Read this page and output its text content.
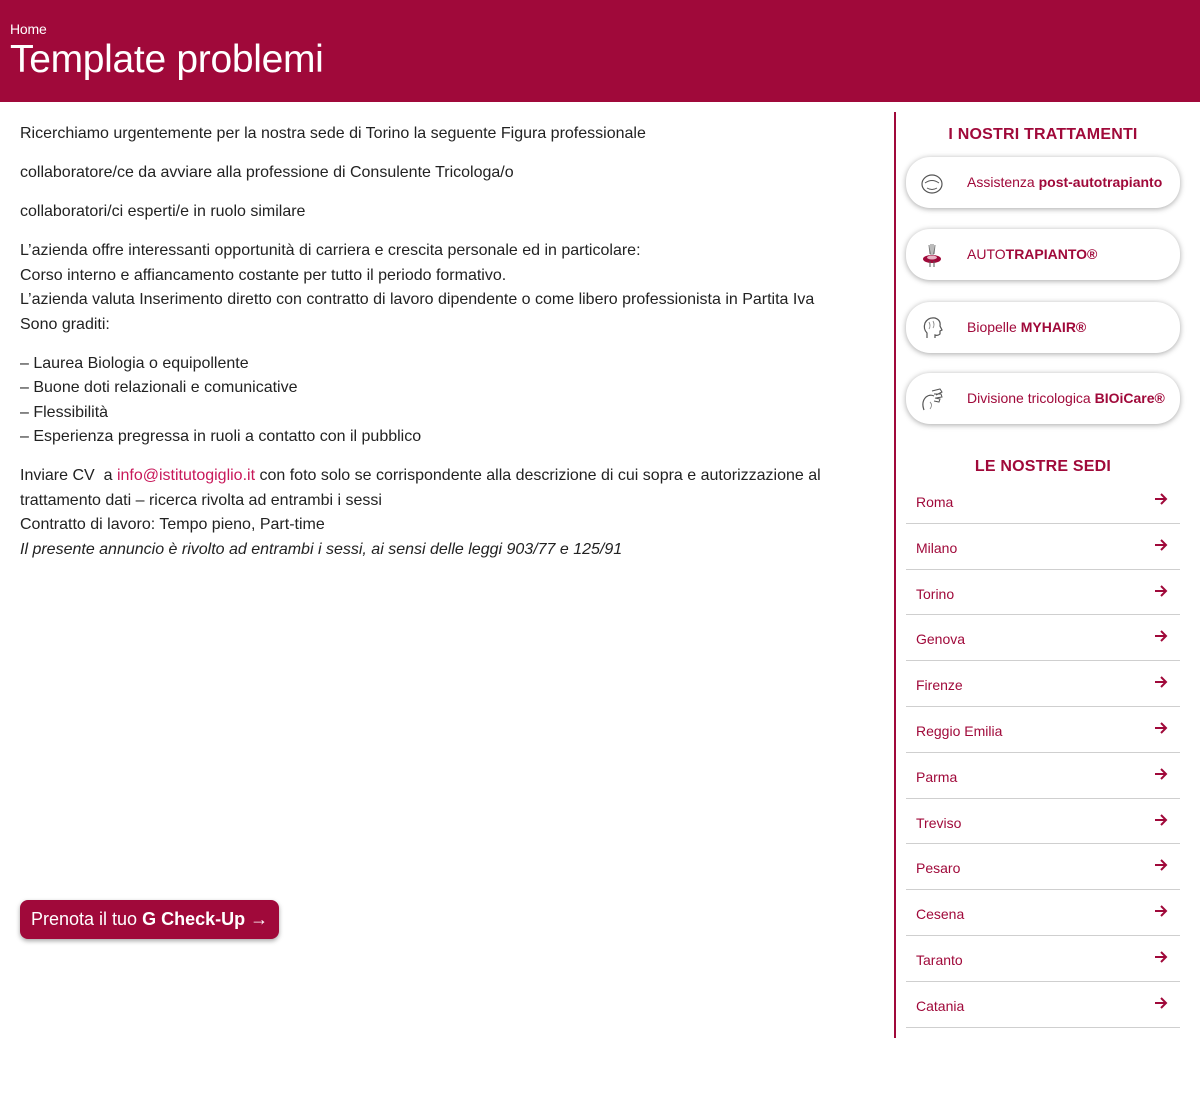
Home
Template problemi

Ricerchiamo urgentemente per la nostra sede di Torino la seguente Figura professionale

collaboratore/ce da avviare alla professione di Consulente Tricologa/o

collaboratori/ci esperti/e in ruolo similare

L’azienda offre interessanti opportunità di carriera e crescita personale ed in particolare:
Corso interno e affiancamento costante per tutto il periodo formativo.
L’azienda valuta Inserimento diretto con contratto di lavoro dipendente o come libero professionista in Partita Iva
Sono graditi:

– Laurea Biologia o equipollente
– Buone doti relazionali e comunicative
– Flessibilità
– Esperienza pregressa in ruoli a contatto con il pubblico

Inviare CV  a info@istitutogiglio.it con foto solo se corrispondente alla descrizione di cui sopra e autorizzazione al trattamento dati – ricerca rivolta ad entrambi i sessi
Contratto di lavoro: Tempo pieno, Part-time
Il presente annuncio è rivolto ad entrambi i sessi, ai sensi delle leggi 903/77 e 125/91

Prenota il tuo G Check-Up →
I NOSTRI TRATTAMENTI
Assistenza post-autotrapianto
AUTOTRAPIANTO®
Biopelle MYHAIR®
Divisione tricologica BIOiCare®
LE NOSTRE SEDI
Roma
Milano
Torino
Genova
Firenze
Reggio Emilia
Parma
Treviso
Pesaro
Cesena
Taranto
Catania
